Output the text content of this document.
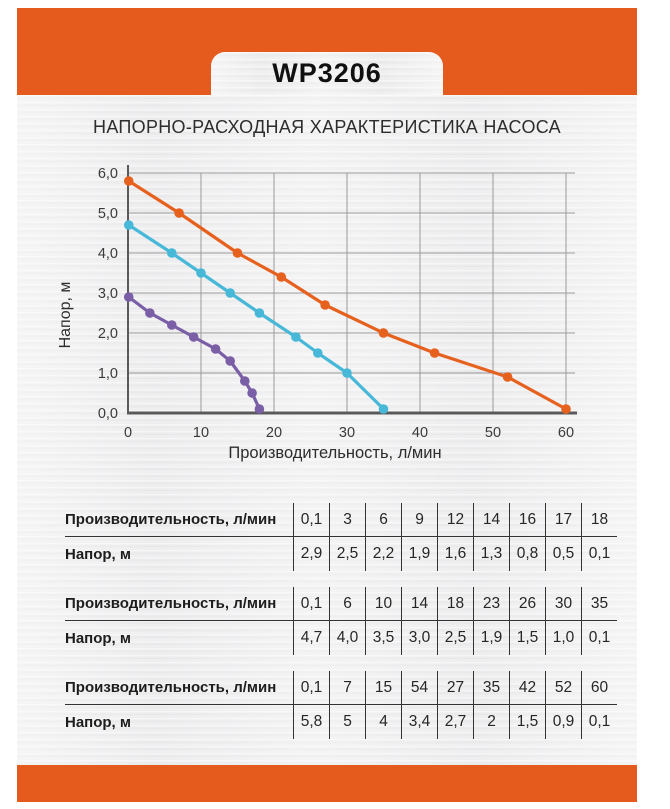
WP3206
НАПОРНО-РАСХОДНАЯ ХАРАКТЕРИСТИКА НАСОСА
0,0
1,0
2,0
3,0
4,0
5,0
6,0
0	10	20	30	40	50	60
Напор, м
Производительность, л/мин
Производительность, л/мин	0,1	3	6	9	12	14	16	17	18
Напор, м	2,9 2,5 2,2 1,9 1,6 1,3 0,8 0,5 0,1
Производительность, л/мин	0,1	6	10	14	18	23	26	30	35
Напор, м	4,7 4,0 3,5 3,0 2,5 1,9 1,5 1,0 0,1
Производительность, л/мин	0,1	7	15	54	27	35	42	52	60
Напор, м	5,8	5	4	3,4 2,7	2	1,5 0,9 0,1
